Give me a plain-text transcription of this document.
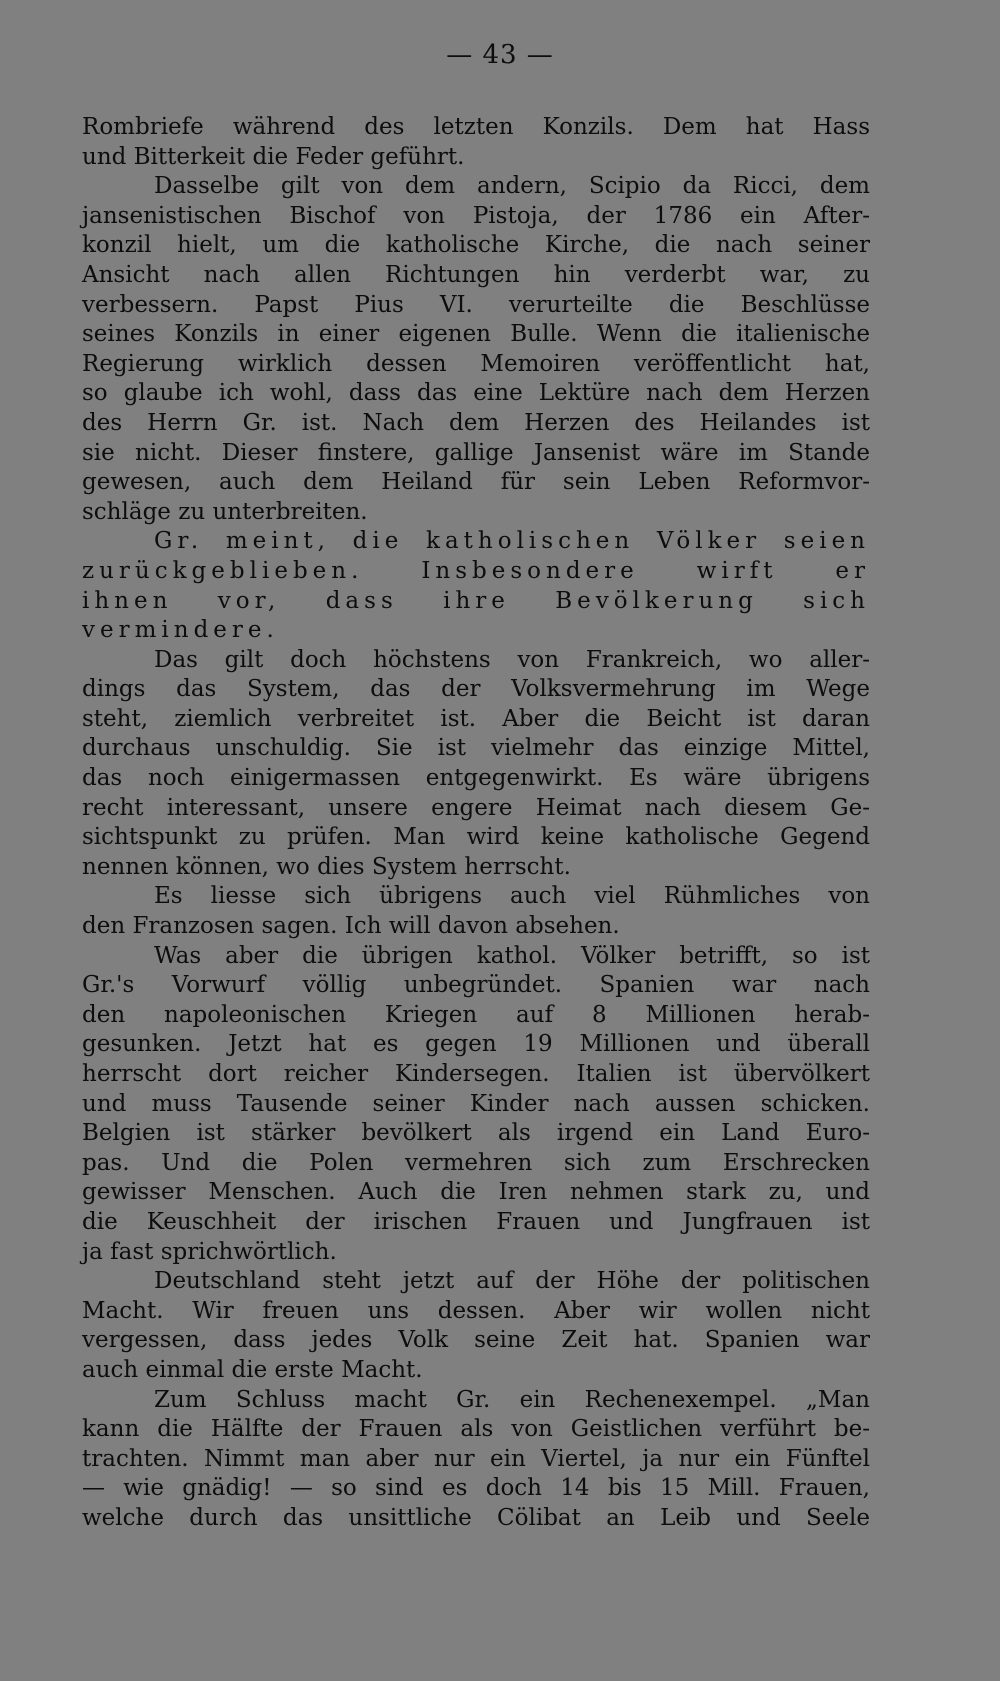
— 43 —
Rombriefe während des letzten Konzils. Dem hat Hass
und Bitterkeit die Feder geführt.
Dasselbe gilt von dem andern, Scipio da Ricci, dem
jansenistischen Bischof von Pistoja, der 1786 ein After-
konzil hielt, um die katholische Kirche, die nach seiner
Ansicht nach allen Richtungen hin verderbt war, zu
verbessern. Papst Pius VI. verurteilte die Beschlüsse
seines Konzils in einer eigenen Bulle. Wenn die italienische
Regierung wirklich dessen Memoiren veröffentlicht hat,
so glaube ich wohl, dass das eine Lektüre nach dem Herzen
des Herrn Gr. ist. Nach dem Herzen des Heilandes ist
sie nicht. Dieser finstere, gallige Jansenist wäre im Stande
gewesen, auch dem Heiland für sein Leben Reformvor-
schläge zu unterbreiten.
Gr. meint, die katholischen Völker seien
zurückgeblieben. Insbesondere wirft er
ihnen vor, dass ihre Bevölkerung sich
vermindere.
Das gilt doch höchstens von Frankreich, wo aller-
dings das System, das der Volksvermehrung im Wege
steht, ziemlich verbreitet ist. Aber die Beicht ist daran
durchaus unschuldig. Sie ist vielmehr das einzige Mittel,
das noch einigermassen entgegenwirkt. Es wäre übrigens
recht interessant, unsere engere Heimat nach diesem Ge-
sichtspunkt zu prüfen. Man wird keine katholische Gegend
nennen können, wo dies System herrscht.
Es liesse sich übrigens auch viel Rühmliches von
den Franzosen sagen. Ich will davon absehen.
Was aber die übrigen kathol. Völker betrifft, so ist
Gr.'s Vorwurf völlig unbegründet. Spanien war nach
den napoleonischen Kriegen auf 8 Millionen herab-
gesunken. Jetzt hat es gegen 19 Millionen und überall
herrscht dort reicher Kindersegen. Italien ist übervölkert
und muss Tausende seiner Kinder nach aussen schicken.
Belgien ist stärker bevölkert als irgend ein Land Euro-
pas. Und die Polen vermehren sich zum Erschrecken
gewisser Menschen. Auch die Iren nehmen stark zu, und
die Keuschheit der irischen Frauen und Jungfrauen ist
ja fast sprichwörtlich.
Deutschland steht jetzt auf der Höhe der politischen
Macht. Wir freuen uns dessen. Aber wir wollen nicht
vergessen, dass jedes Volk seine Zeit hat. Spanien war
auch einmal die erste Macht.
Zum Schluss macht Gr. ein Rechenexempel. „Man
kann die Hälfte der Frauen als von Geistlichen verführt be-
trachten. Nimmt man aber nur ein Viertel, ja nur ein Fünftel
— wie gnädig! — so sind es doch 14 bis 15 Mill. Frauen,
welche durch das unsittliche Cölibat an Leib und Seele
